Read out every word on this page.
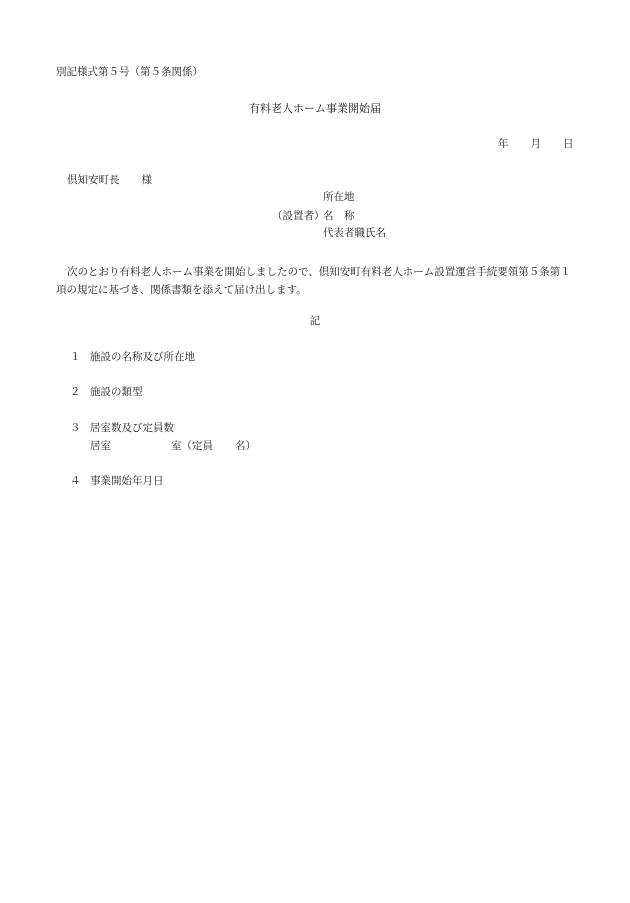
別記様式第５号（第５条関係）
有料老人ホーム事業開始届
年 月 日
倶知安町長 様
（設置者）
所在地
名　称
代表者職氏名
次のとおり有料老人ホーム事業を開始しましたので、倶知安町有料老人ホーム設置運営手続要領第５条第１項の規定に基づき、関係書類を添えて届け出します。
記
１ 施設の名称及び所在地
２ 施設の類型
３ 居室数及び定員数
居室	室（定員 名）
４ 事業開始年月日
